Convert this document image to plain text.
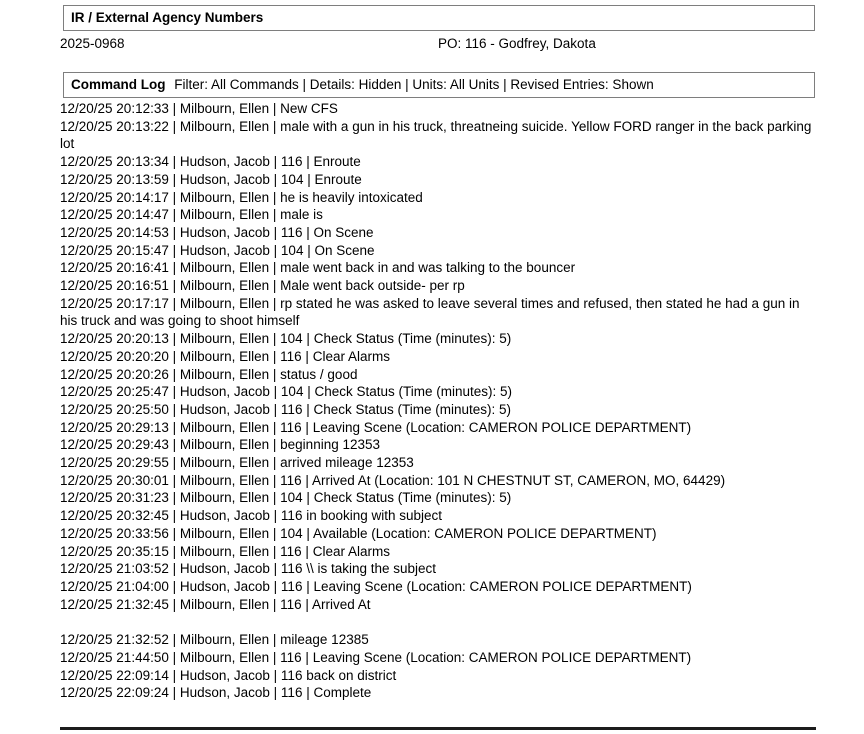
IR / External Agency Numbers
2025-0968	PO: 116 - Godfrey, Dakota
Command Log Filter: All Commands | Details: Hidden | Units: All Units | Revised Entries: Shown
12/20/25 20:12:33 | Milbourn, Ellen | New CFS
12/20/25 20:13:22 | Milbourn, Ellen | male with a gun in his truck, threatneing suicide. Yellow FORD ranger in the back parking lot
12/20/25 20:13:34 | Hudson, Jacob | 116 | Enroute
12/20/25 20:13:59 | Hudson, Jacob | 104 | Enroute
12/20/25 20:14:17 | Milbourn, Ellen | he is heavily intoxicated
12/20/25 20:14:47 | Milbourn, Ellen | male is
12/20/25 20:14:53 | Hudson, Jacob | 116 | On Scene
12/20/25 20:15:47 | Hudson, Jacob | 104 | On Scene
12/20/25 20:16:41 | Milbourn, Ellen | male went back in and was talking to the bouncer
12/20/25 20:16:51 | Milbourn, Ellen | Male went back outside- per rp
12/20/25 20:17:17 | Milbourn, Ellen | rp stated he was asked to leave several times and refused, then stated he had a gun in his truck and was going to shoot himself
12/20/25 20:20:13 | Milbourn, Ellen | 104 | Check Status (Time (minutes): 5)
12/20/25 20:20:20 | Milbourn, Ellen | 116 | Clear Alarms
12/20/25 20:20:26 | Milbourn, Ellen | status / good
12/20/25 20:25:47 | Hudson, Jacob | 104 | Check Status (Time (minutes): 5)
12/20/25 20:25:50 | Hudson, Jacob | 116 | Check Status (Time (minutes): 5)
12/20/25 20:29:13 | Milbourn, Ellen | 116 | Leaving Scene (Location: CAMERON POLICE DEPARTMENT)
12/20/25 20:29:43 | Milbourn, Ellen | beginning 12353
12/20/25 20:29:55 | Milbourn, Ellen | arrived mileage 12353
12/20/25 20:30:01 | Milbourn, Ellen | 116 | Arrived At (Location: 101 N CHESTNUT ST, CAMERON, MO, 64429)
12/20/25 20:31:23 | Milbourn, Ellen | 104 | Check Status (Time (minutes): 5)
12/20/25 20:32:45 | Hudson, Jacob | 116 in booking with subject
12/20/25 20:33:56 | Milbourn, Ellen | 104 | Available (Location: CAMERON POLICE DEPARTMENT)
12/20/25 20:35:15 | Milbourn, Ellen | 116 | Clear Alarms
12/20/25 21:03:52 | Hudson, Jacob | 116 \\ is taking the subject
12/20/25 21:04:00 | Hudson, Jacob | 116 | Leaving Scene (Location: CAMERON POLICE DEPARTMENT)
12/20/25 21:32:45 | Milbourn, Ellen | 116 | Arrived At

12/20/25 21:32:52 | Milbourn, Ellen | mileage 12385
12/20/25 21:44:50 | Milbourn, Ellen | 116 | Leaving Scene (Location: CAMERON POLICE DEPARTMENT)
12/20/25 22:09:14 | Hudson, Jacob | 116 back on district
12/20/25 22:09:24 | Hudson, Jacob | 116 | Complete
